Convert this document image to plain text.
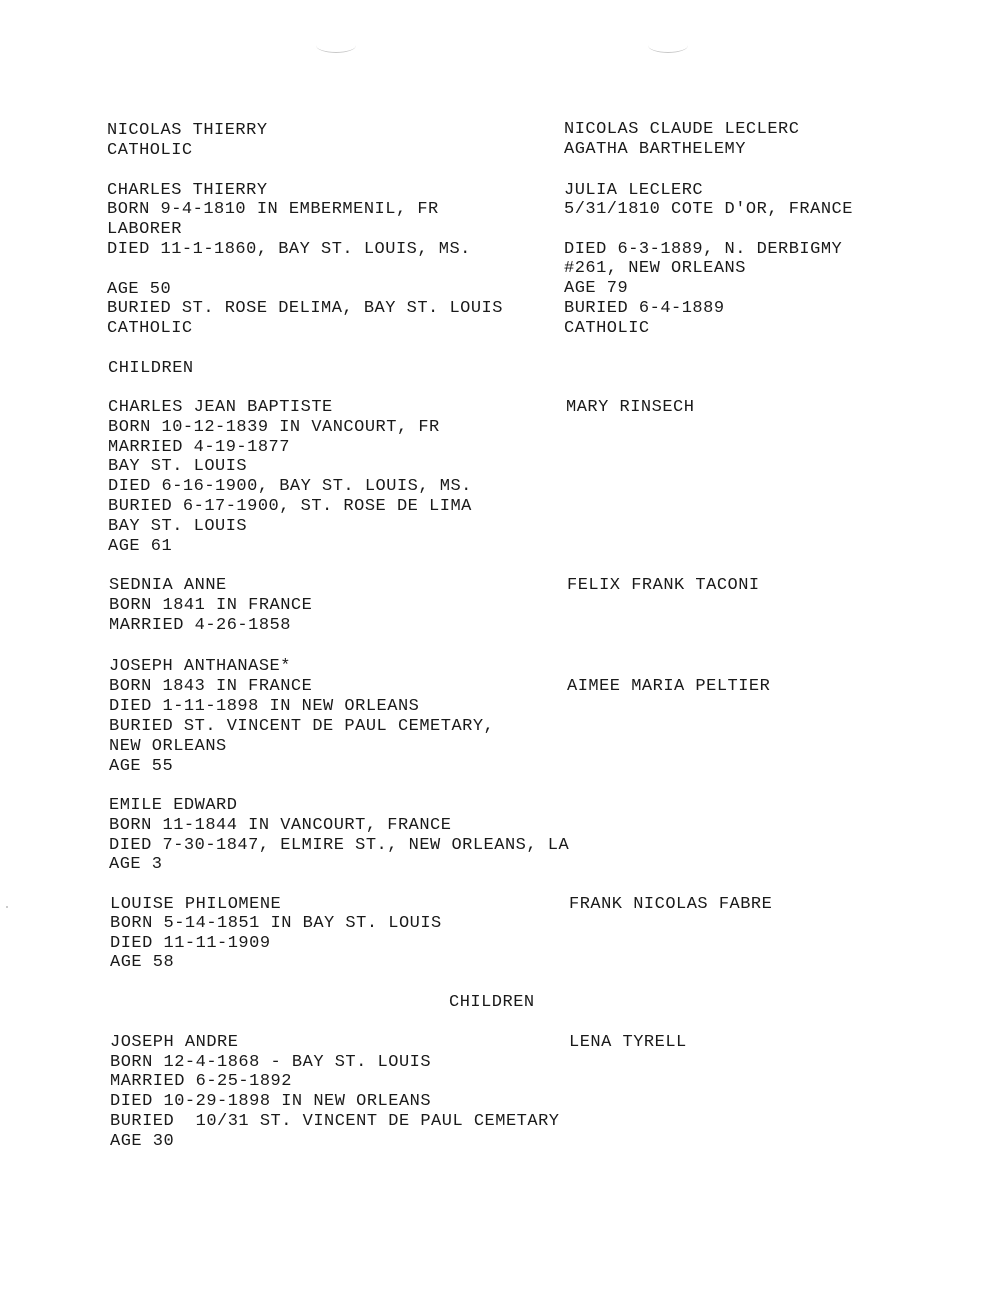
NICOLAS THIERRY
CATHOLIC
NICOLAS CLAUDE LECLERC
AGATHA BARTHELEMY
CHARLES THIERRY
BORN 9-4-1810 IN EMBERMENIL, FR
LABORER
DIED 11-1-1860, BAY ST. LOUIS, MS.
AGE 50
BURIED ST. ROSE DELIMA, BAY ST. LOUIS
CATHOLIC
JULIA LECLERC
5/31/1810 COTE D'OR, FRANCE
DIED 6-3-1889, N. DERBIGMY
#261, NEW ORLEANS
AGE 79
BURIED 6-4-1889
CATHOLIC
CHILDREN
CHARLES JEAN BAPTISTE
BORN 10-12-1839 IN VANCOURT, FR
MARRIED 4-19-1877
BAY ST. LOUIS
DIED 6-16-1900, BAY ST. LOUIS, MS.
BURIED 6-17-1900, ST. ROSE DE LIMA
BAY ST. LOUIS
AGE 61
MARY RINSECH
SEDNIA ANNE
BORN 1841 IN FRANCE
MARRIED 4-26-1858
FELIX FRANK TACONI
JOSEPH ANTHANASE*
BORN 1843 IN FRANCE
DIED 1-11-1898 IN NEW ORLEANS
BURIED ST. VINCENT DE PAUL CEMETARY,
NEW ORLEANS
AGE 55
AIMEE MARIA PELTIER
EMILE EDWARD
BORN 11-1844 IN VANCOURT, FRANCE
DIED 7-30-1847, ELMIRE ST., NEW ORLEANS, LA
AGE 3
LOUISE PHILOMENE
BORN 5-14-1851 IN BAY ST. LOUIS
DIED 11-11-1909
AGE 58
FRANK NICOLAS FABRE
CHILDREN
JOSEPH ANDRE
BORN 12-4-1868 - BAY ST. LOUIS
MARRIED 6-25-1892
DIED 10-29-1898 IN NEW ORLEANS
BURIED  10/31 ST. VINCENT DE PAUL CEMETARY
AGE 30
LENA TYRELL
